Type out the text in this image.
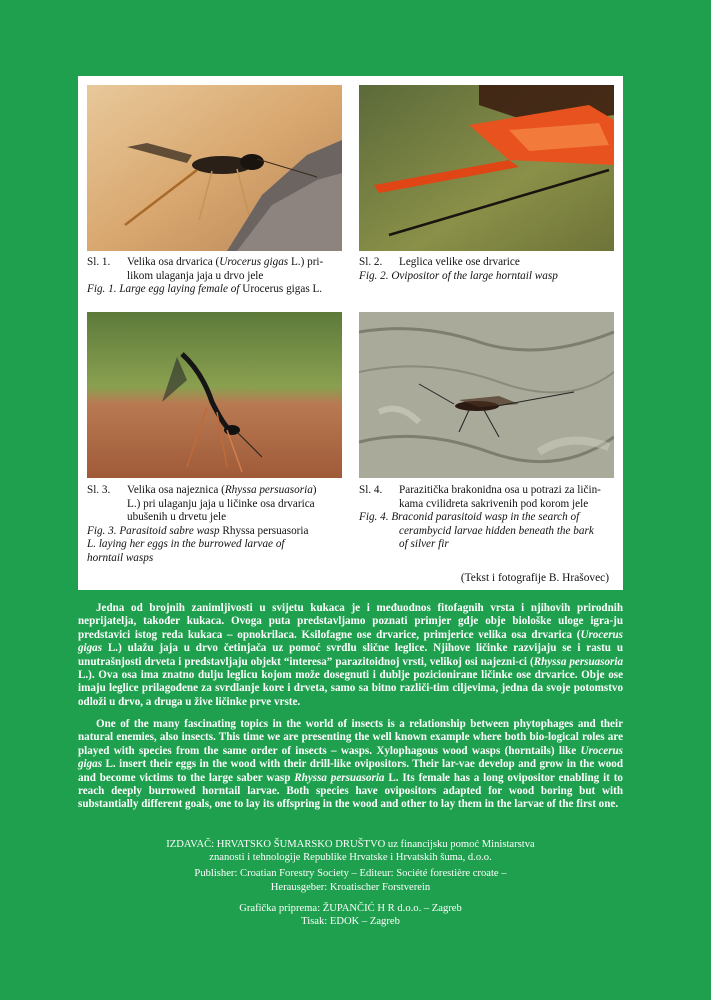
Sl. 1.	Velika osa drvarica (Urocerus gigas L.) pri-
likom ulaganja jaja u drvo jele
Fig. 1. Large egg laying female of Urocerus gigas L.
Sl. 2.	Leglica velike ose drvarice
Fig. 2. Ovipositor of the large horntail wasp
Sl. 3.	Velika osa najeznica (Rhyssa persuasoria)
L.) pri ulaganju jaja u ličinke osa drvarica
ubušenih u drvetu jele
Fig. 3. Parasitoid sabre wasp Rhyssa persuasoria
L. laying her eggs in the burrowed larvae of
horntail wasps
Sl. 4.	Parazitička brakonidna osa u potrazi za ličin-
kama cvilidreta sakrivenih pod korom jele
Fig. 4. Braconid parasitoid wasp in the search of
cerambycid larvae hidden beneath the bark
of silver fir
(Tekst i fotografije B. Hrašovec)

Jedna od brojnih zanimljivosti u svijetu kukaca je i međuodnos fitofagnih vrsta i njihovih prirodnih neprijatelja, također kukaca. Ovoga puta predstavljamo poznati primjer gdje obje biološke uloge igra-ju predstavici istog reda kukaca – opnokrilaca. Ksilofagne ose drvarice, primjerice velika osa drvarica (Urocerus gigas L.) ulažu jaja u drvo četinjača uz pomoć svrdlu slične leglice. Njihove ličinke razvijaju se i rastu u unutrašnjosti drveta i predstavljaju objekt “interesa” parazitoidnoj vrsti, velikoj osi najezni-ci (Rhyssa persuasoria L.). Ova osa ima znatno dulju leglicu kojom može dosegnuti i dublje pozicionirane ličinke ose drvarice. Obje ose imaju leglice prilagođene za svrdlanje kore i drveta, samo sa bitno različi-tim ciljevima, jedna da svoje potomstvo odloži u drvo, a druga u žive ličinke prve vrste.

One of the many fascinating topics in the world of insects is a relationship between phytophages and their natural enemies, also insects. This time we are presenting the well known example where both bio-logical roles are played with species from the same order of insects – wasps. Xylophagous wood wasps (horntails) like Urocerus gigas L. insert their eggs in the wood with their drill-like ovipositors. Their lar-vae develop and grow in the wood and become victims to the large saber wasp Rhyssa persuasoria L. Its female has a long ovipositor enabling it to reach deeply burrowed horntail larvae. Both species have ovipositors adapted for wood boring but with substantially different goals, one to lay its offspring in the wood and other to lay them in the larvae of the first one.

IZDAVAČ: HRVATSKO ŠUMARSKO DRUŠTVO uz financijsku pomoć Ministarstva
znanosti i tehnologije Republike Hrvatske i Hrvatskih šuma, d.o.o.
Publisher: Croatian Forestry Society – Editeur: Société forestière croate –
Herausgeber: Kroatischer Forstverein
Grafička priprema: ŽUPANČIĆ H R d.o.o. – Zagreb
Tisak: EDOK – Zagreb
